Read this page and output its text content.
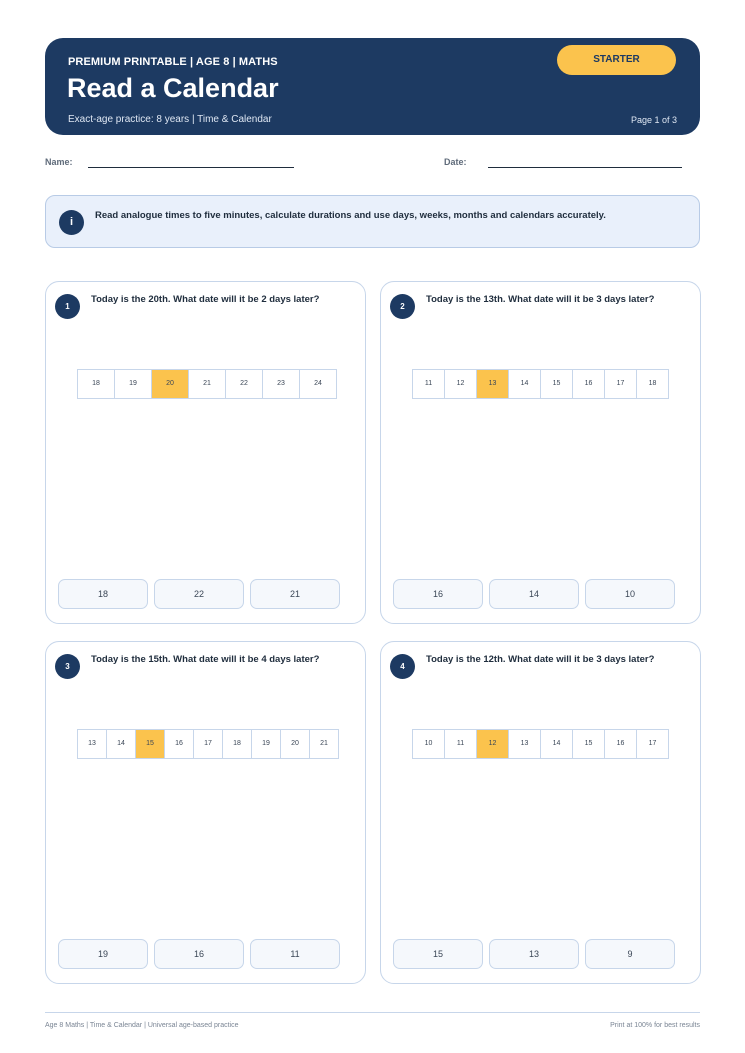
PREMIUM PRINTABLE | AGE 8 | MATHS
Read a Calendar
Exact-age practice: 8 years | Time & Calendar	Page 1 of 3
STARTER
Name:	Date:
i
Read analogue times to five minutes, calculate durations and use days, weeks, months and calendars accurately.
1
Today is the 20th. What date will it be 2 days later?
18	19	20	21	22	23	24
18	22	21
2
Today is the 13th. What date will it be 3 days later?
11	12	13	14	15	16	17	18
16	14	10
3
Today is the 15th. What date will it be 4 days later?
13	14	15	16	17	18	19	20	21
19	16	11
4
Today is the 12th. What date will it be 3 days later?
10	11	12	13	14	15	16	17
15	13	9
Age 8 Maths | Time & Calendar | Universal age-based practice	Print at 100% for best results
